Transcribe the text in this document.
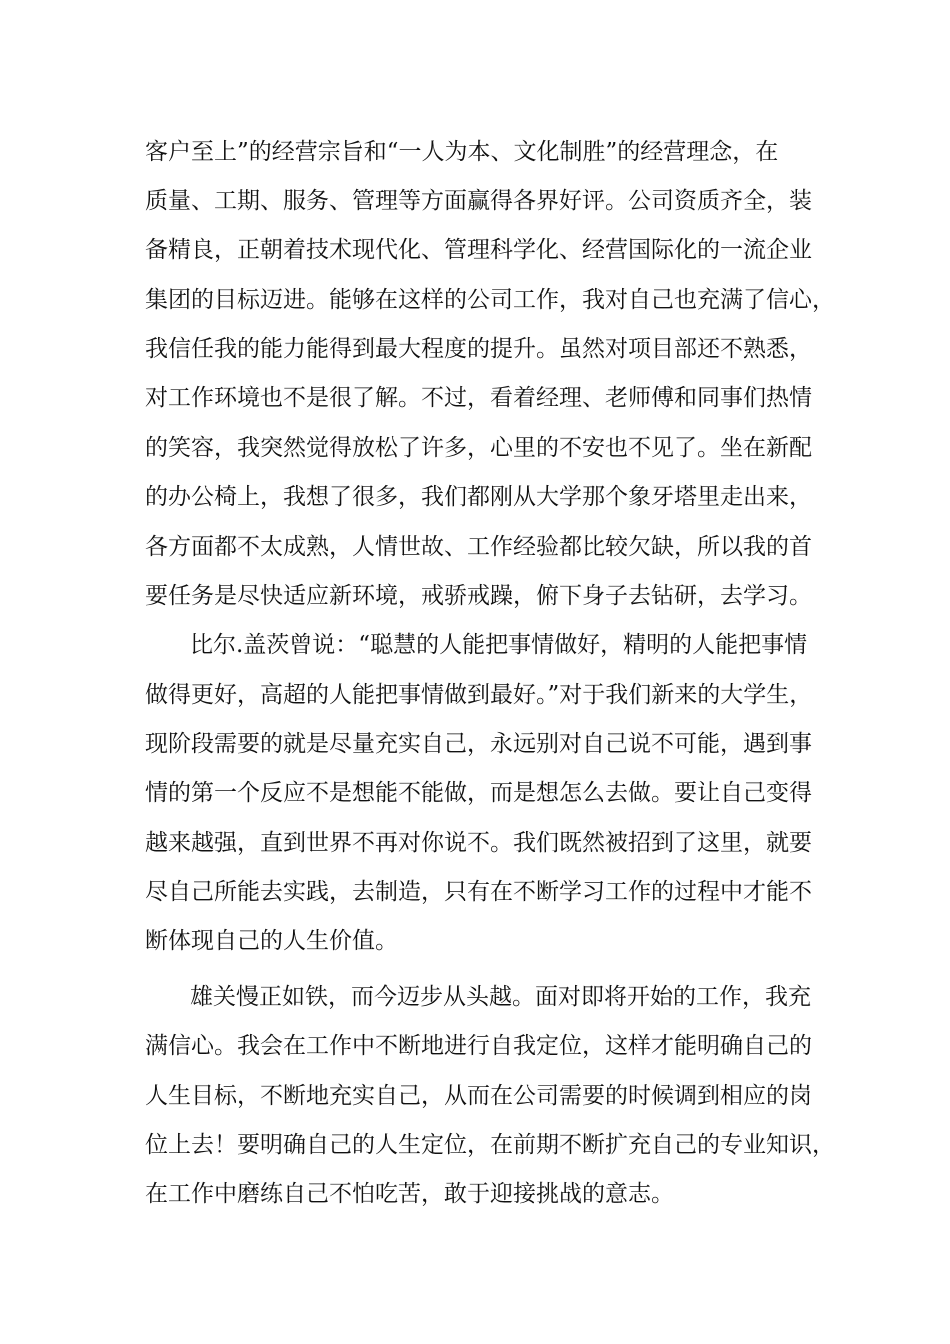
客户至上”的经营宗旨和“一人为本、文化制胜”的经营理念，在
质量、工期、服务、管理等方面赢得各界好评。公司资质齐全，装
备精良，正朝着技术现代化、管理科学化、经营国际化的一流企业
集团的目标迈进。能够在这样的公司工作，我对自己也充满了信心，
我信任我的能力能得到最大程度的提升。虽然对项目部还不熟悉，
对工作环境也不是很了解。不过，看着经理、老师傅和同事们热情
的笑容，我突然觉得放松了许多，心里的不安也不见了。坐在新配
的办公椅上，我想了很多，我们都刚从大学那个象牙塔里走出来，
各方面都不太成熟，人情世故、工作经验都比较欠缺，所以我的首
要任务是尽快适应新环境，戒骄戒躁，俯下身子去钻研，去学习。
比尔.盖茨曾说：“聪慧的人能把事情做好，精明的人能把事情
做得更好，高超的人能把事情做到最好。”对于我们新来的大学生，
现阶段需要的就是尽量充实自己，永远别对自己说不可能，遇到事
情的第一个反应不是想能不能做，而是想怎么去做。要让自己变得
越来越强，直到世界不再对你说不。我们既然被招到了这里，就要
尽自己所能去实践，去制造，只有在不断学习工作的过程中才能不
断体现自己的人生价值。
雄关慢正如铁，而今迈步从头越。面对即将开始的工作，我充
满信心。我会在工作中不断地进行自我定位，这样才能明确自己的
人生目标，不断地充实自己，从而在公司需要的时候调到相应的岗
位上去！要明确自己的人生定位，在前期不断扩充自己的专业知识，
在工作中磨练自己不怕吃苦，敢于迎接挑战的意志。
